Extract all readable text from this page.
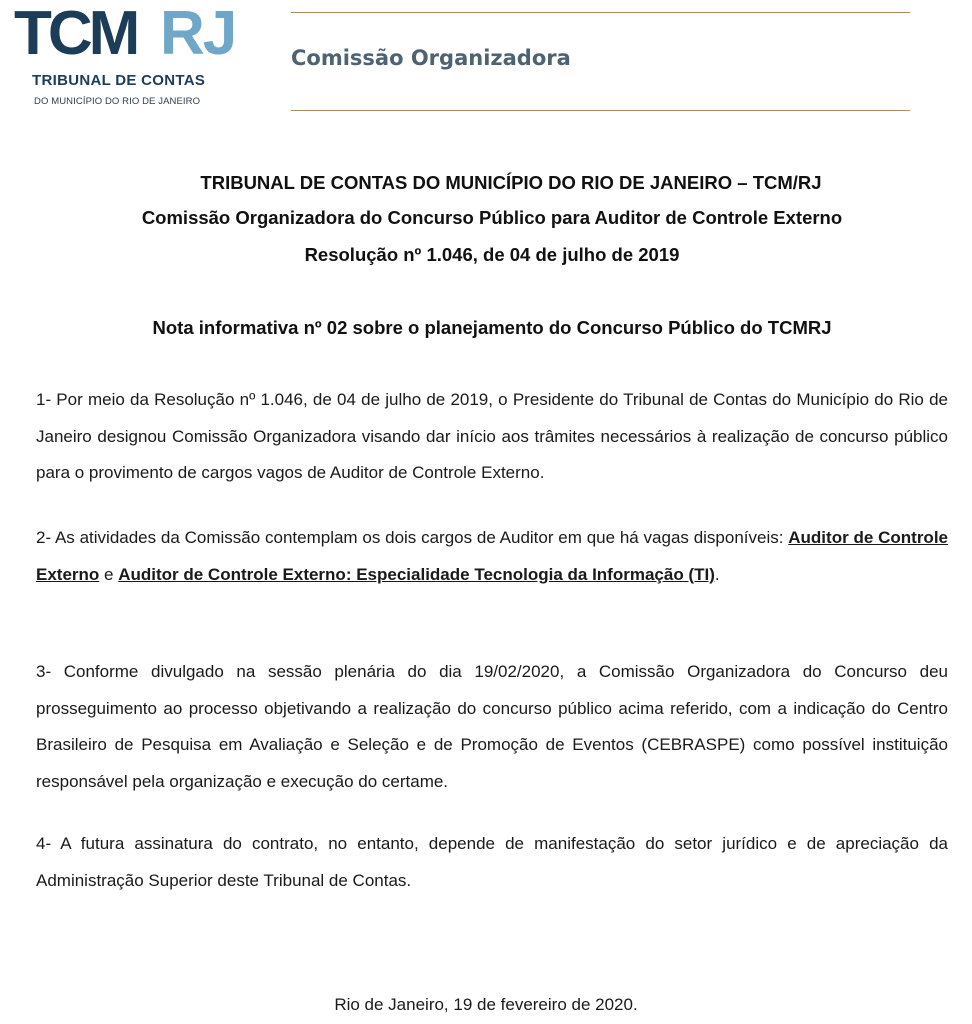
TCM RJ
TRIBUNAL DE CONTAS
DO MUNICÍPIO DO RIO DE JANEIRO
Comissão Organizadora
TRIBUNAL DE CONTAS DO MUNICÍPIO DO RIO DE JANEIRO – TCM/RJ
Comissão Organizadora do Concurso Público para Auditor de Controle Externo
Resolução nº 1.046, de 04 de julho de 2019
Nota informativa nº 02 sobre o planejamento do Concurso Público do TCMRJ
1- Por meio da Resolução nº 1.046, de 04 de julho de 2019, o Presidente do Tribunal de Contas do Município do Rio de Janeiro designou Comissão Organizadora visando dar início aos trâmites necessários à realização de concurso público para o provimento de cargos vagos de Auditor de Controle Externo.
2- As atividades da Comissão contemplam os dois cargos de Auditor em que há vagas disponíveis: Auditor de Controle Externo e Auditor de Controle Externo: Especialidade Tecnologia da Informação (TI).
3- Conforme divulgado na sessão plenária do dia 19/02/2020, a Comissão Organizadora do Concurso deu prosseguimento ao processo objetivando a realização do concurso público acima referido, com a indicação do Centro Brasileiro de Pesquisa em Avaliação e Seleção e de Promoção de Eventos (CEBRASPE) como possível instituição responsável pela organização e execução do certame.
4- A futura assinatura do contrato, no entanto, depende de manifestação do setor jurídico e de apreciação da Administração Superior deste Tribunal de Contas.
Rio de Janeiro, 19 de fevereiro de 2020.
